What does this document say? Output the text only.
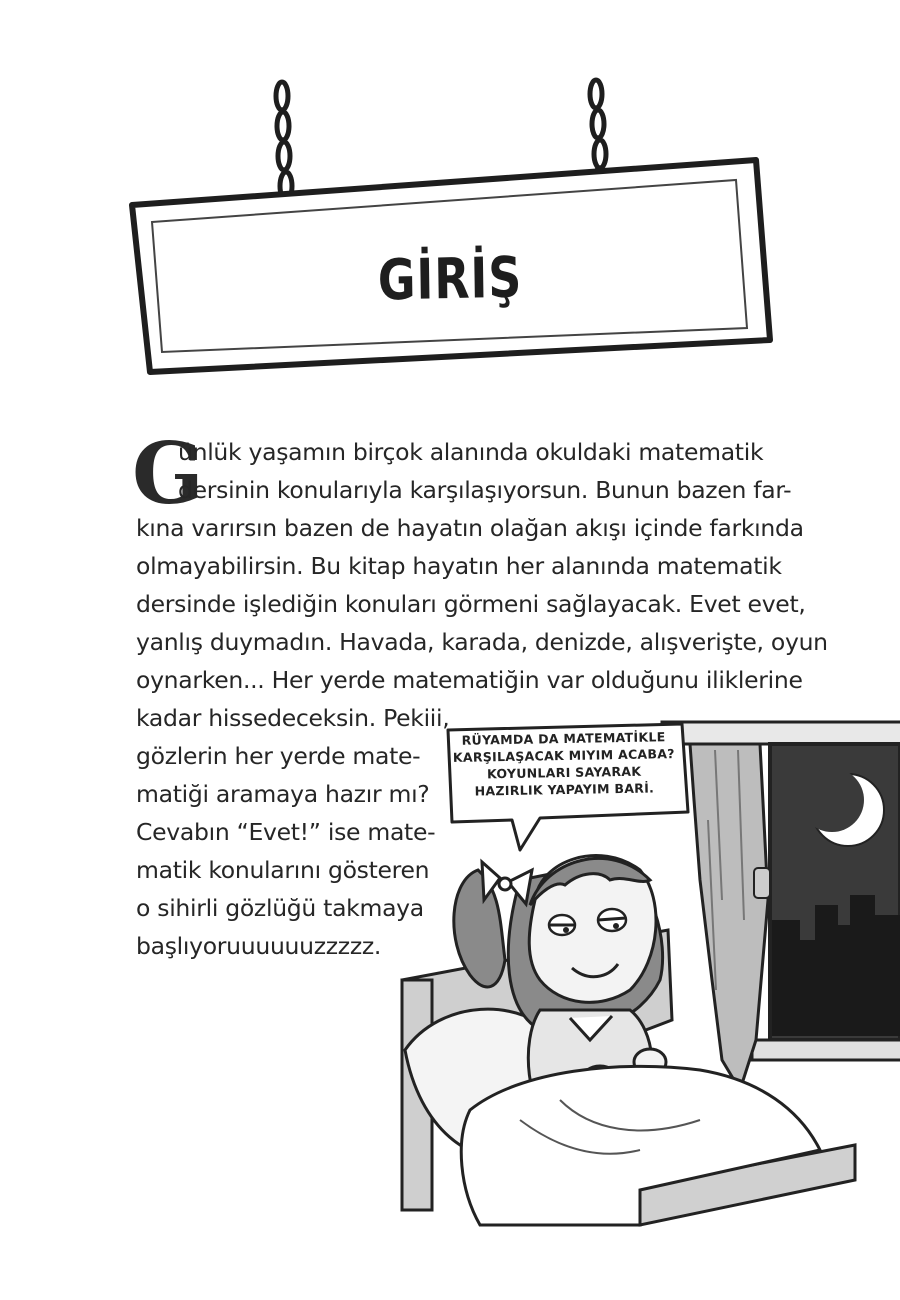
GİRİŞ
G
ünlük yaşamın birçok alanında okuldaki matematik
dersinin konularıyla karşılaşıyorsun. Bunun bazen far-
kına varırsın bazen de hayatın olağan akışı içinde farkında
olmayabilirsin. Bu kitap hayatın her alanında matematik
dersinde işlediğin konuları görmeni sağlayacak. Evet evet,
yanlış duymadın. Havada, karada, denizde, alışverişte, oyun
oynarken... Her yerde matematiğin var olduğunu iliklerine
kadar hissedeceksin. Pekiii,
gözlerin her yerde mate-
matiği aramaya hazır mı?
Cevabın “Evet!” ise mate-
matik konularını gösteren
o sihirli gözlüğü takmaya
başlıyoruuuuuuzzzzz.
RÜYAMDA DA MATEMATİKLE
KARŞILAŞACAK MIYIM ACABA?
KOYUNLARI SAYARAK
HAZIRLIK YAPAYIM BARİ.
